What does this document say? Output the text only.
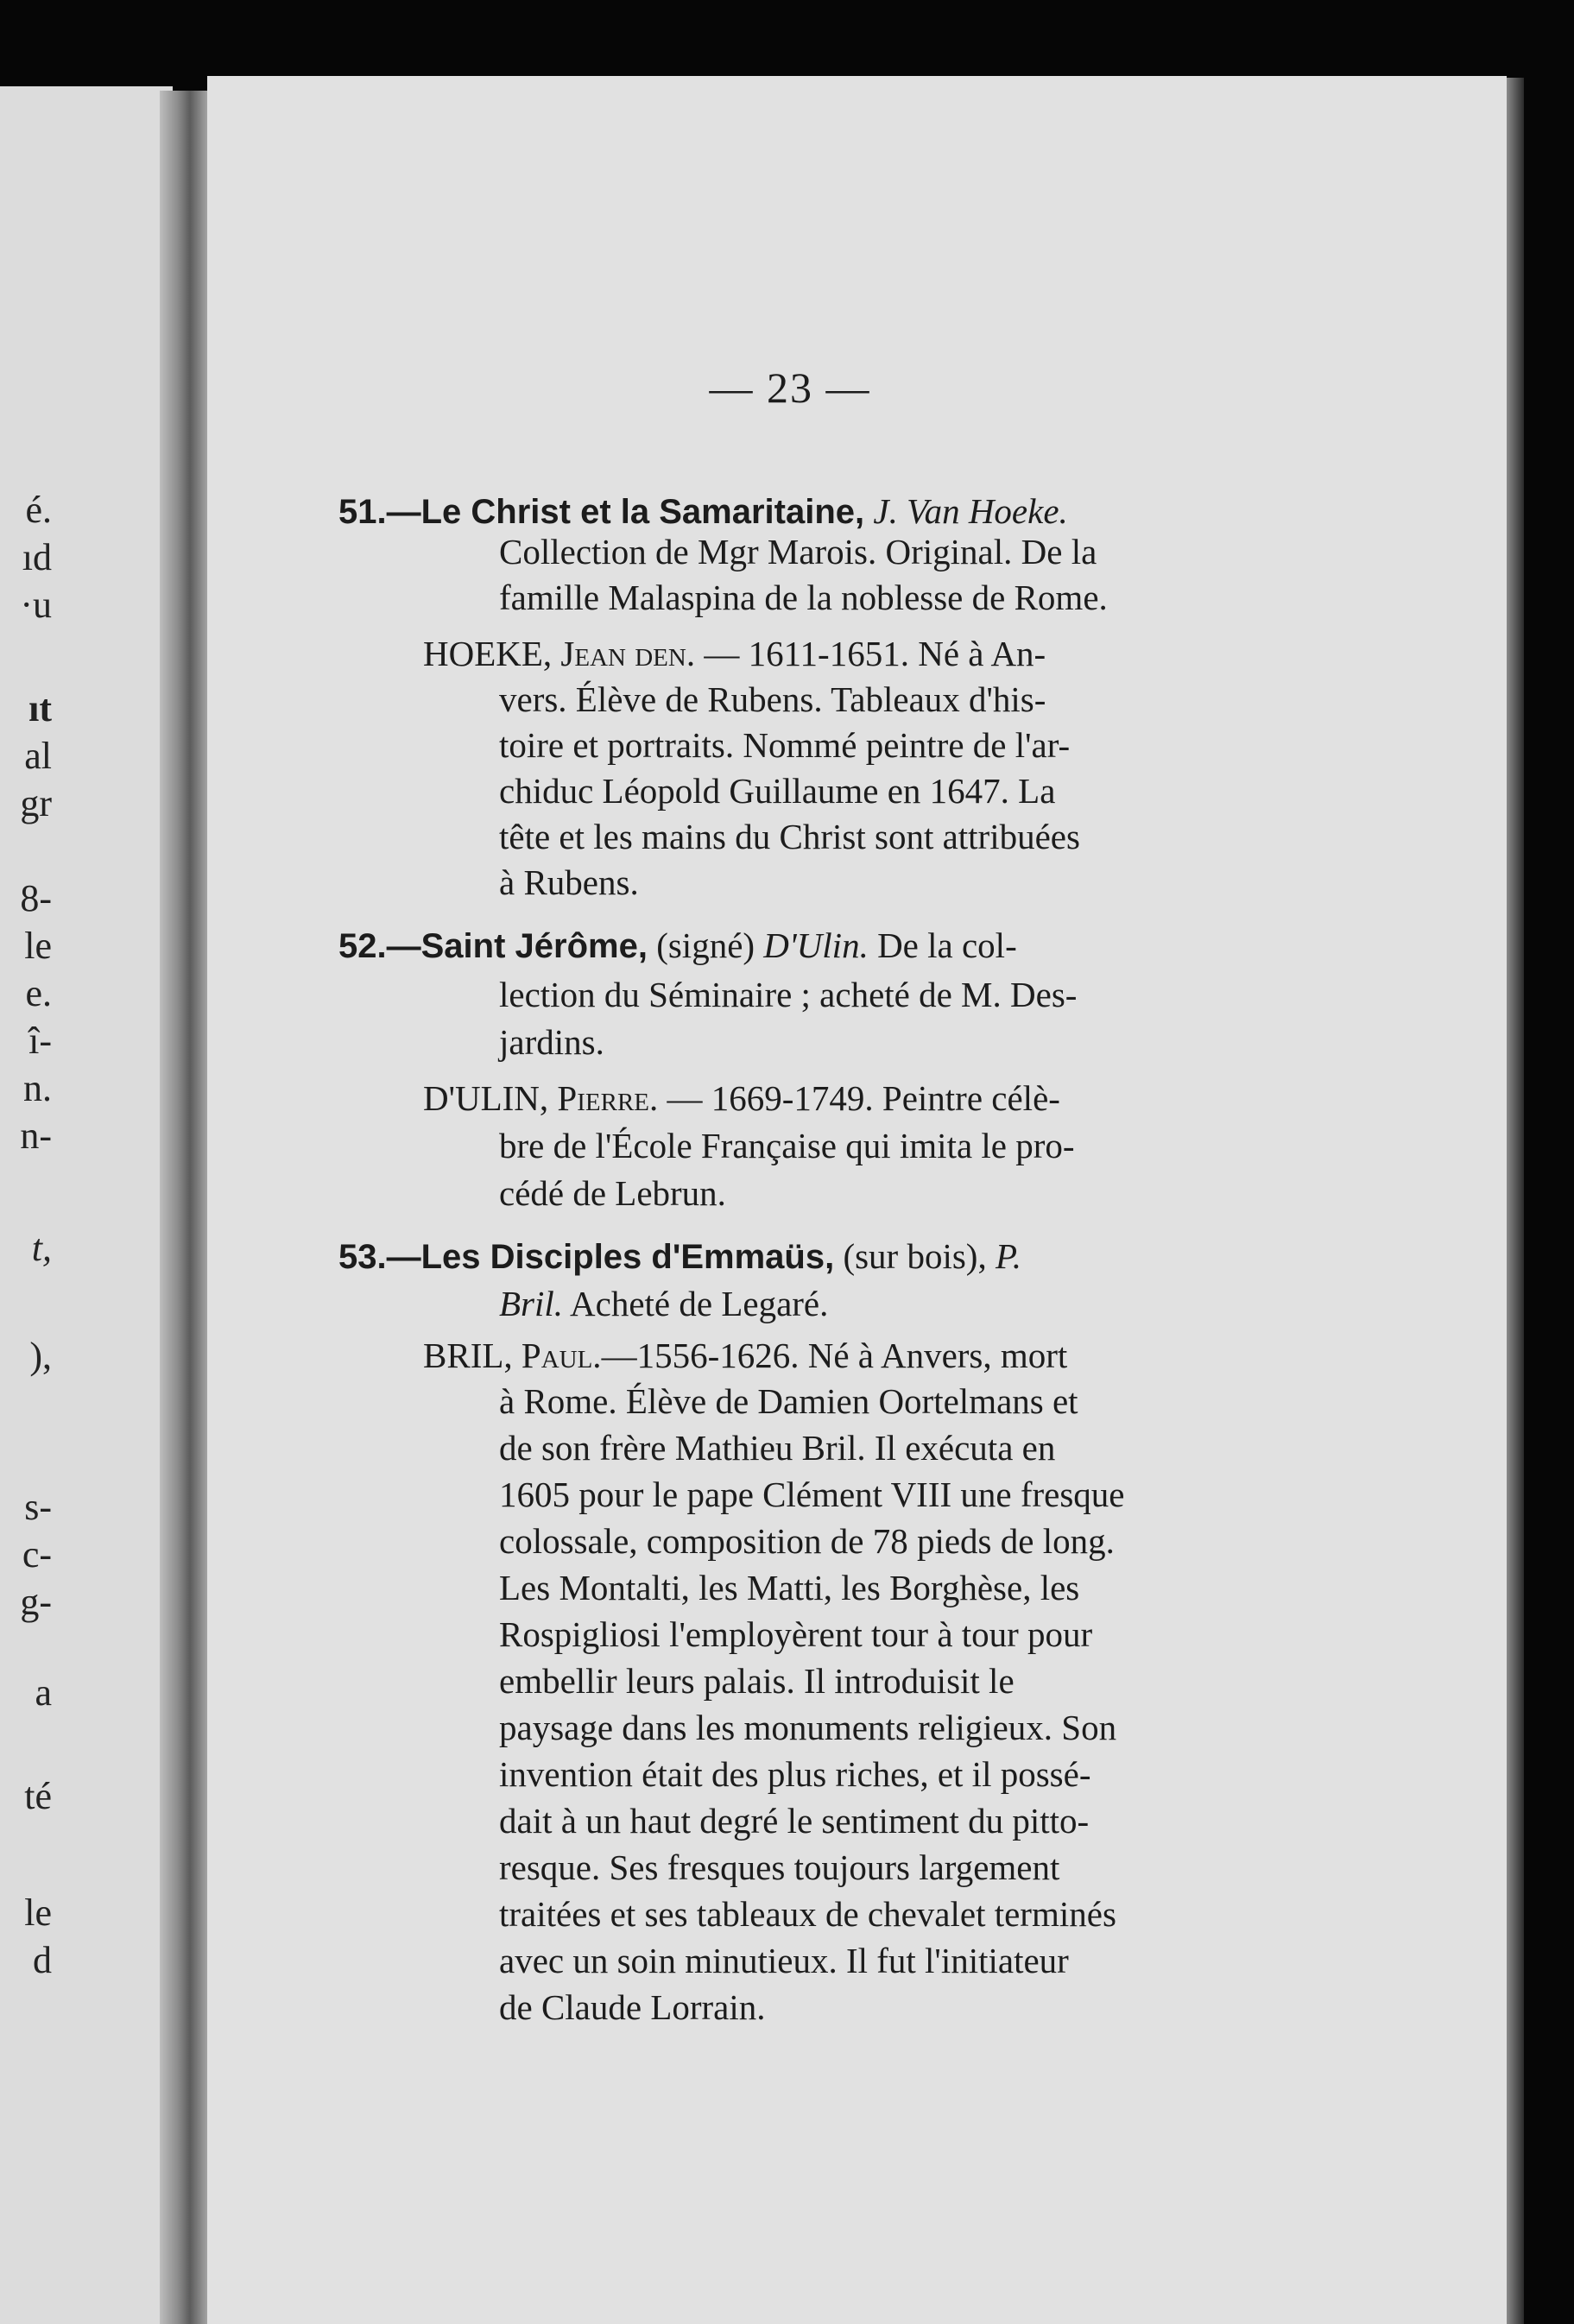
é.
ıd
·u
ıt
al
gr
8-
le
e.
î-
n.
n-
t,
),
s-
c-
g-
a
té
le
d
— 23 —
51.—Le Christ et la Samaritaine, J. Van Hoeke.
Collection de Mgr Marois. Original. De la
famille Malaspina de la noblesse de Rome.
HOEKE, Jean den. — 1611-1651. Né à An-
vers. Élève de Rubens. Tableaux d'his-
toire et portraits. Nommé peintre de l'ar-
chiduc Léopold Guillaume en 1647. La
tête et les mains du Christ sont attribuées
à Rubens.
52.—Saint Jérôme, (signé) D'Ulin. De la col-
lection du Séminaire ; acheté de M. Des-
jardins.
D'ULIN, Pierre. — 1669-1749. Peintre célè-
bre de l'École Française qui imita le pro-
cédé de Lebrun.
53.—Les Disciples d'Emmaüs, (sur bois), P.
Bril. Acheté de Legaré.
BRIL, Paul.—1556-1626. Né à Anvers, mort
à Rome. Élève de Damien Oortelmans et
de son frère Mathieu Bril. Il exécuta en
1605 pour le pape Clément VIII une fresque
colossale, composition de 78 pieds de long.
Les Montalti, les Matti, les Borghèse, les
Rospigliosi l'employèrent tour à tour pour
embellir leurs palais. Il introduisit le
paysage dans les monuments religieux. Son
invention était des plus riches, et il possé-
dait à un haut degré le sentiment du pitto-
resque. Ses fresques toujours largement
traitées et ses tableaux de chevalet terminés
avec un soin minutieux. Il fut l'initiateur
de Claude Lorrain.
